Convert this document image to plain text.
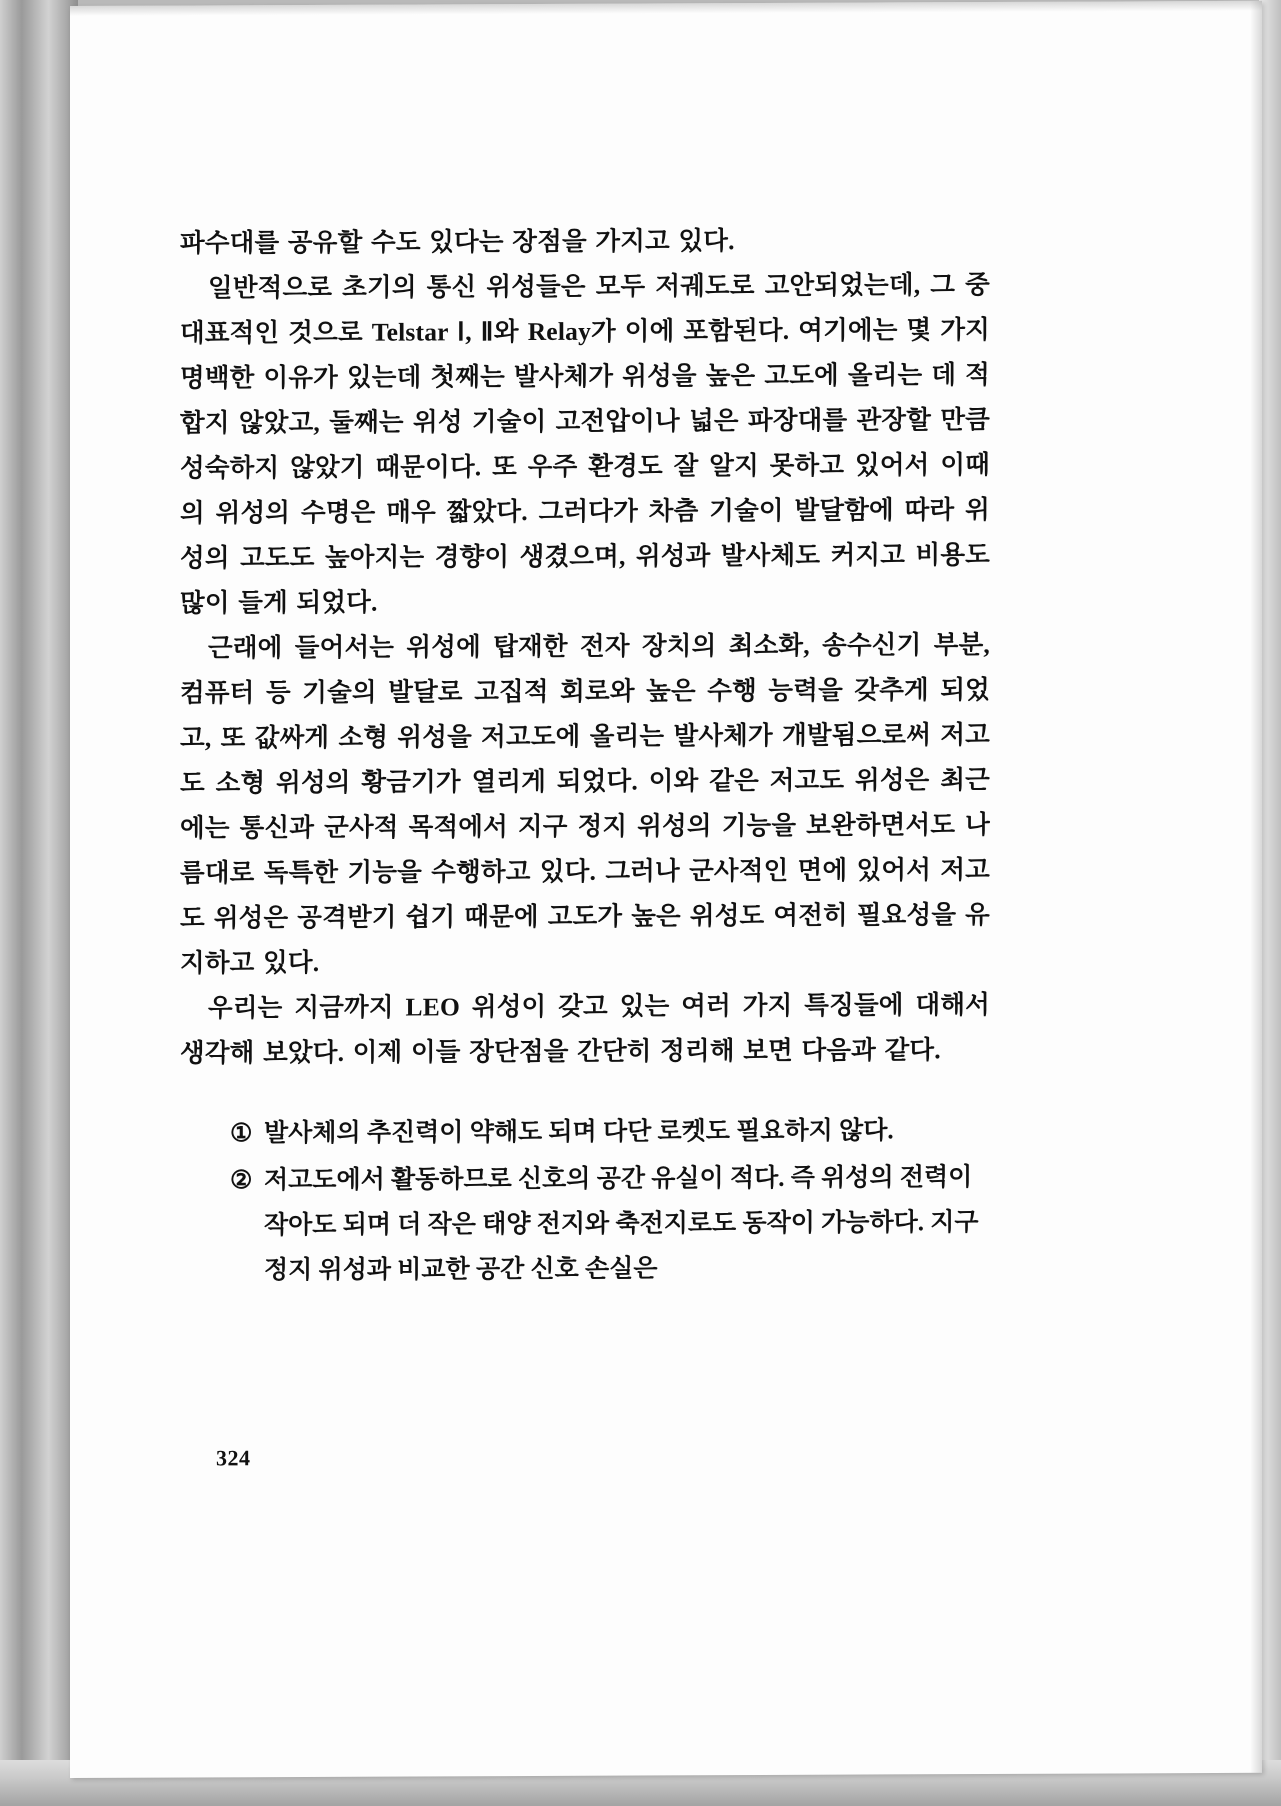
파수대를 공유할 수도 있다는 장점을 가지고 있다.

일반적으로 초기의 통신 위성들은 모두 저궤도로 고안되었는데, 그 중 대표적인 것으로 Telstar Ⅰ, Ⅱ와 Relay가 이에 포함된다. 여기에는 몇 가지 명백한 이유가 있는데 첫째는 발사체가 위성을 높은 고도에 올리는 데 적합지 않았고, 둘째는 위성 기술이 고전압이나 넓은 파장대를 관장할 만큼 성숙하지 않았기 때문이다. 또 우주 환경도 잘 알지 못하고 있어서 이때의 위성의 수명은 매우 짧았다. 그러다가 차츰 기술이 발달함에 따라 위성의 고도도 높아지는 경향이 생겼으며, 위성과 발사체도 커지고 비용도 많이 들게 되었다.

근래에 들어서는 위성에 탑재한 전자 장치의 최소화, 송수신기 부분, 컴퓨터 등 기술의 발달로 고집적 회로와 높은 수행 능력을 갖추게 되었고, 또 값싸게 소형 위성을 저고도에 올리는 발사체가 개발됨으로써 저고도 소형 위성의 황금기가 열리게 되었다. 이와 같은 저고도 위성은 최근에는 통신과 군사적 목적에서 지구 정지 위성의 기능을 보완하면서도 나름대로 독특한 기능을 수행하고 있다. 그러나 군사적인 면에 있어서 저고도 위성은 공격받기 쉽기 때문에 고도가 높은 위성도 여전히 필요성을 유지하고 있다.

우리는 지금까지 LEO 위성이 갖고 있는 여러 가지 특징들에 대해서 생각해 보았다. 이제 이들 장단점을 간단히 정리해 보면 다음과 같다.

① 발사체의 추진력이 약해도 되며 다단 로켓도 필요하지 않다.
② 저고도에서 활동하므로 신호의 공간 유실이 적다. 즉 위성의 전력이 작아도 되며 더 작은 태양 전지와 축전지로도 동작이 가능하다. 지구 정지 위성과 비교한 공간 신호 손실은
324
